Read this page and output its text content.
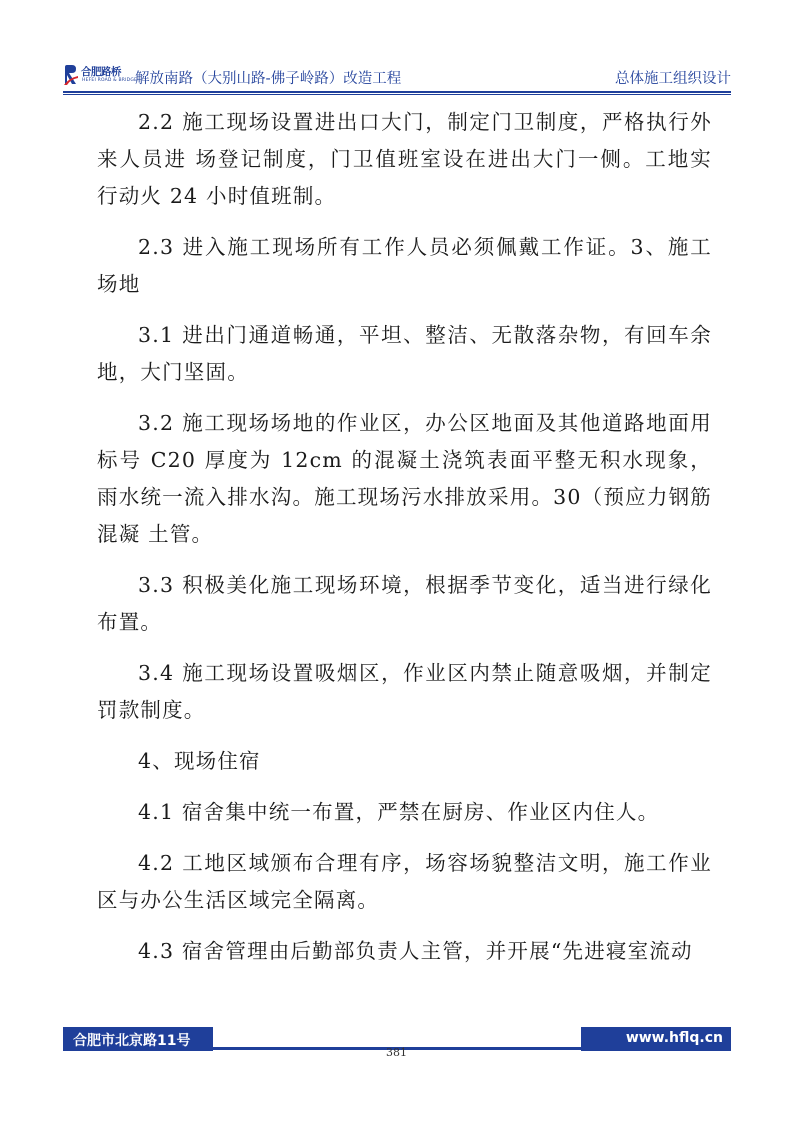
合肥路桥
HEFEI ROAD & BRIDGE
解放南路（大别山路-佛子岭路）改造工程	总体施工组织设计

2.2 施工现场设置进出口大门，制定门卫制度，严格执行外来人员进 场登记制度，门卫值班室设在进出大门一侧。工地实行动火 24 小时值班制。

2.3 进入施工现场所有工作人员必须佩戴工作证。3、施工场地

3.1 进出门通道畅通，平坦、整洁、无散落杂物，有回车余地，大门坚固。

3.2 施工现场场地的作业区，办公区地面及其他道路地面用 标号 C20 厚度为 12cm 的混凝土浇筑表面平整无积水现象，雨水统一流入排水沟。施工现场污水排放采用。30（预应力钢筋混凝 土管。

3.3 积极美化施工现场环境，根据季节变化，适当进行绿化布置。

3.4 施工现场设置吸烟区，作业区内禁止随意吸烟，并制定罚款制度。

4、现场住宿

4.1 宿舍集中统一布置，严禁在厨房、作业区内住人。

4.2 工地区域颁布合理有序，场容场貌整洁文明，施工作业区与办公生活区域完全隔离。

4.3 宿舍管理由后勤部负责人主管，并开展“先进寝室流动

合肥市北京路11号	www.hflq.cn
381
